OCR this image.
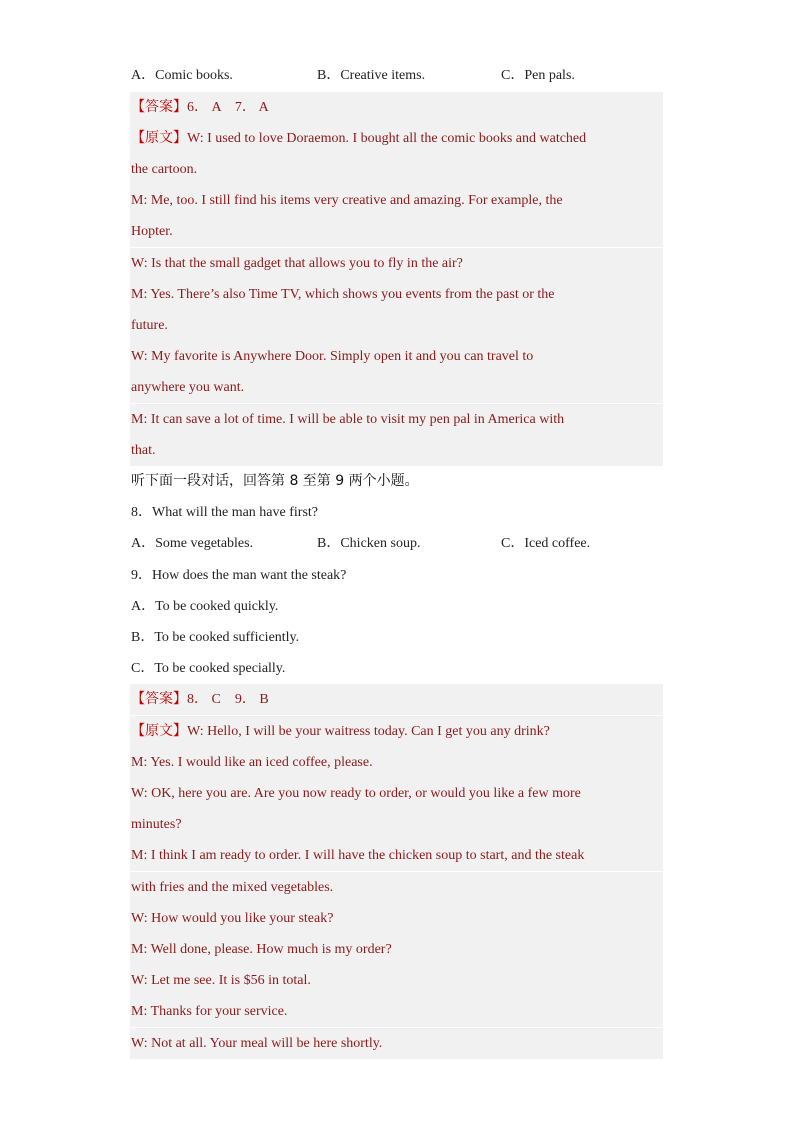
A．Comic books.	B．Creative items.	C．Pen pals.
【答案】6． A　7． A
【原文】W: I used to love Doraemon. I bought all the comic books and watched
the cartoon.
M: Me, too. I still find his items very creative and amazing. For example, the
Hopter.
W: Is that the small gadget that allows you to fly in the air?
M: Yes. There’s also Time TV, which shows you events from the past or the
future.
W: My favorite is Anywhere Door. Simply open it and you can travel to
anywhere you want.
M: It can save a lot of time. I will be able to visit my pen pal in America with
that.
听下面一段对话，回答第 8 至第 9 两个小题。
8．What will the man have first?
A．Some vegetables.	B．Chicken soup.	C．Iced coffee.
9．How does the man want the steak?
A．To be cooked quickly.
B．To be cooked sufficiently.
C．To be cooked specially.
【答案】8． C　9． B
【原文】W: Hello, I will be your waitress today. Can I get you any drink?
M: Yes. I would like an iced coffee, please.
W: OK, here you are. Are you now ready to order, or would you like a few more
minutes?
M: I think I am ready to order. I will have the chicken soup to start, and the steak
with fries and the mixed vegetables.
W: How would you like your steak?
M: Well done, please. How much is my order?
W: Let me see. It is $56 in total.
M: Thanks for your service.
W: Not at all. Your meal will be here shortly.
